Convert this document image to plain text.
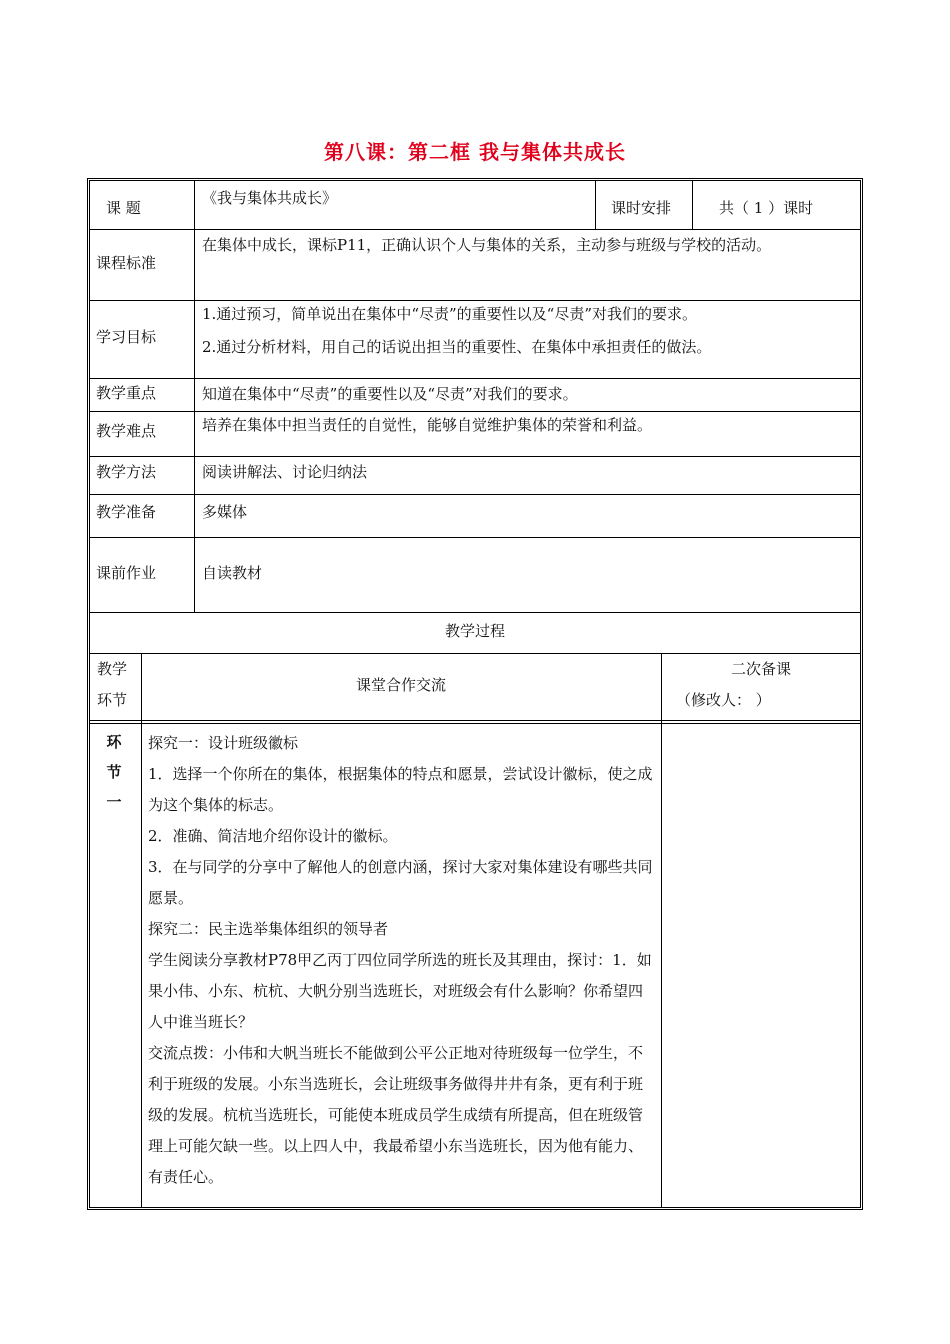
第八课：第二框 我与集体共成长
课 题
《我与集体共成长》
课时安排	共（ 1 ）课时
课程标准
学习目标
教学重点
教学难点
教学方法
教学准备
课前作业
在集体中成长，课标P11，正确认识个人与集体的关系，主动参与班级与学校的活动。
1.通过预习，简单说出在集体中“尽责”的重要性以及“尽责”对我们的要求。
2.通过分析材料，用自己的话说出担当的重要性、在集体中承担责任的做法。
知道在集体中“尽责”的重要性以及“尽责”对我们的要求。
培养在集体中担当责任的自觉性，能够自觉维护集体的荣誉和利益。
阅读讲解法、讨论归纳法
多媒体
自读教材
教学过程
教学
环节
课堂合作交流
二次备课
（修改人： ）
环
节
一

探究一：设计班级徽标

1．选择一个你所在的集体，根据集体的特点和愿景，尝试设计徽标，使之成为这个集体的标志。

2．准确、简洁地介绍你设计的徽标。

3．在与同学的分享中了解他人的创意内涵，探讨大家对集体建设有哪些共同愿景。

探究二：民主选举集体组织的领导者

学生阅读分享教材P78甲乙丙丁四位同学所选的班长及其理由，探讨：1．如果小伟、小东、杭杭、大帆分别当选班长，对班级会有什么影响？你希望四人中谁当班长？

交流点拨：小伟和大帆当班长不能做到公平公正地对待班级每一位学生，不利于班级的发展。小东当选班长，会让班级事务做得井井有条，更有利于班级的发展。杭杭当选班长，可能使本班成员学生成绩有所提高，但在班级管理上可能欠缺一些。以上四人中，我最希望小东当选班长，因为他有能力、有责任心。
